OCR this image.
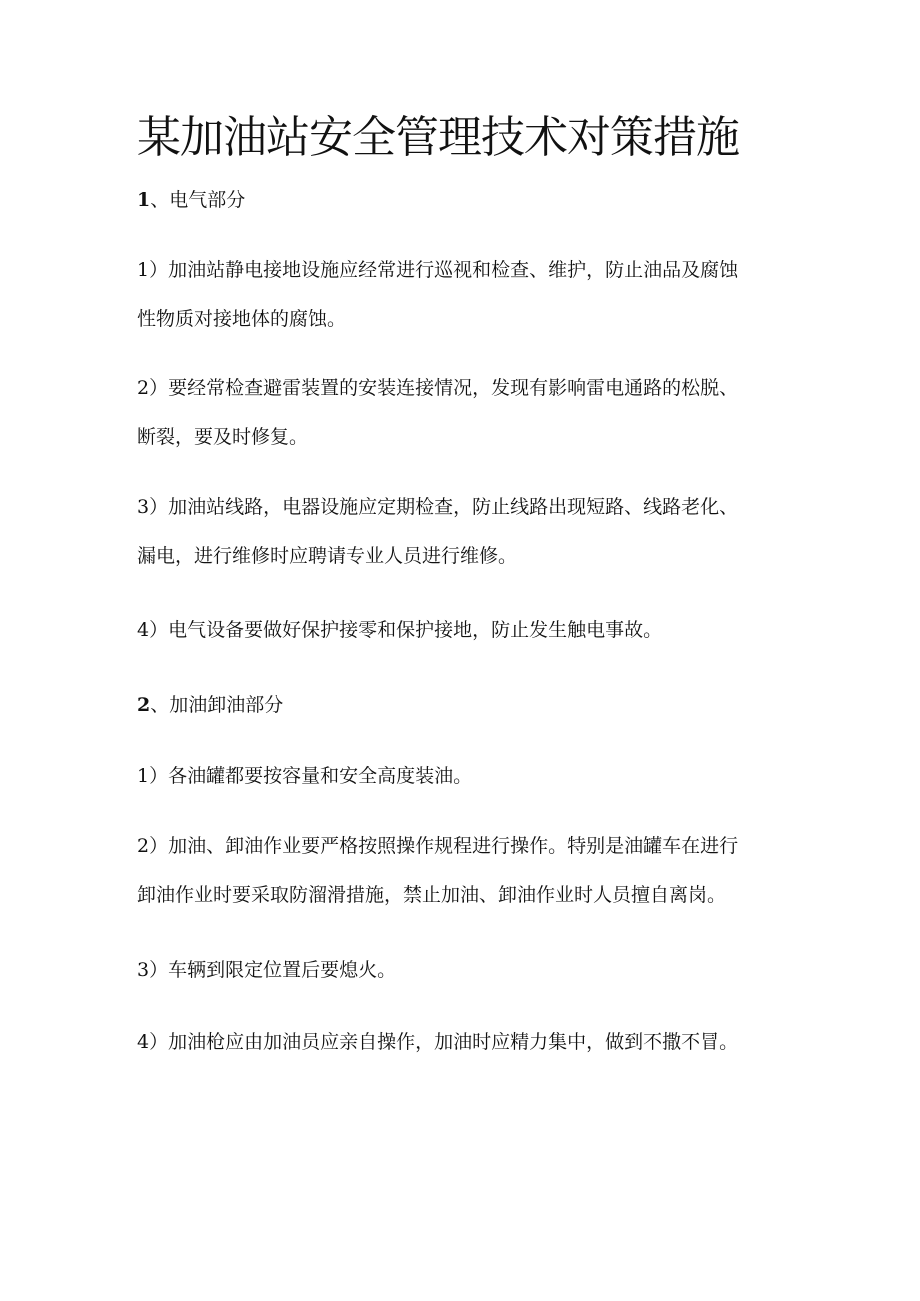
某加油站安全管理技术对策措施

1、电气部分

1）加油站静电接地设施应经常进行巡视和检查、维护，防止油品及腐蚀
性物质对接地体的腐蚀。

2）要经常检查避雷装置的安装连接情况，发现有影响雷电通路的松脱、
断裂，要及时修复。

3）加油站线路，电器设施应定期检查，防止线路出现短路、线路老化、
漏电，进行维修时应聘请专业人员进行维修。

4）电气设备要做好保护接零和保护接地，防止发生触电事故。

2、加油卸油部分

1）各油罐都要按容量和安全高度装油。

2）加油、卸油作业要严格按照操作规程进行操作。特别是油罐车在进行
卸油作业时要采取防溜滑措施，禁止加油、卸油作业时人员擅自离岗。

3）车辆到限定位置后要熄火。

4）加油枪应由加油员应亲自操作，加油时应精力集中，做到不撒不冒。
